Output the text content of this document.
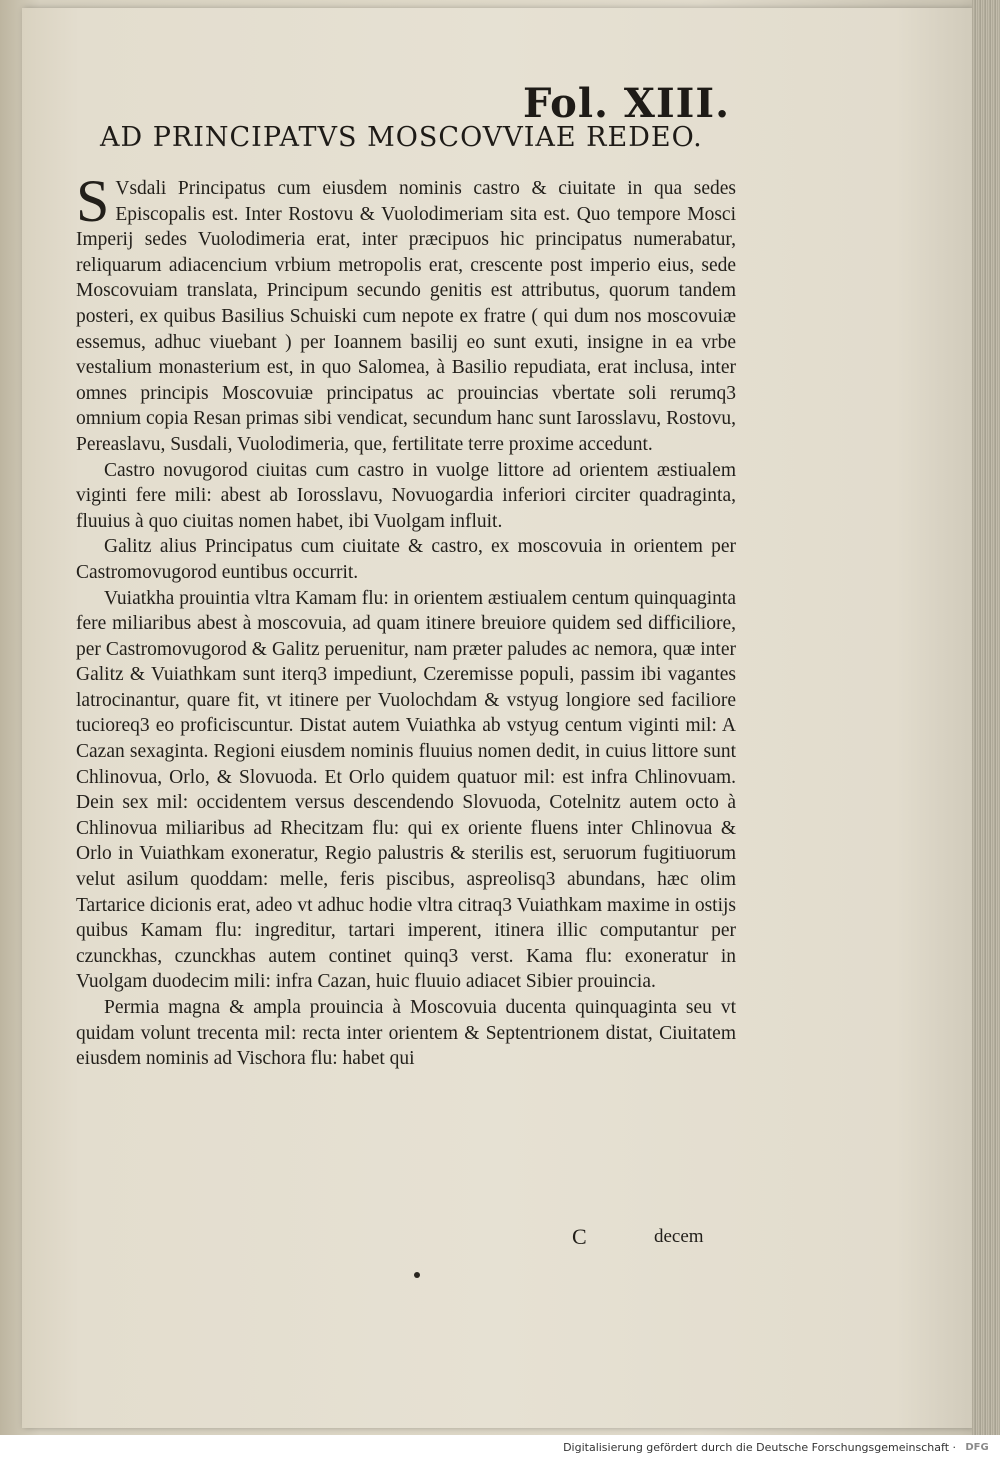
Fol. XIII.
AD PRINCIPATVS MOSCOVVIAE REDEO.

S Vsdali Principatus cum eiusdem nominis castro & ciuitate in qua sedes Episcopalis est. Inter Rostovu & Vuolodimeriam sita est. Quo tempore Mosci Imperij sedes Vuolodimeria erat, inter præcipuos hic principatus numerabatur, reliquarum adiacencium vrbium metropolis erat, crescente post imperio eius, sede Moscovuiam translata, Principum secundo genitis est attributus, quorum tandem posteri, ex quibus Basilius Schuiski cum nepote ex fratre ( qui dum nos moscovuiæ essemus, adhuc viuebant ) per Ioannem basilij eo sunt exuti, insigne in ea vrbe vestalium monasterium est, in quo Salomea, à Basilio repudiata, erat inclusa, inter omnes principis Moscovuiæ principatus ac prouincias vbertate soli rerumq3 omnium copia Resan primas sibi vendicat, secundum hanc sunt Iarosslavu, Rostovu, Pereaslavu, Susdali, Vuolodimeria, que, fertilitate terre proxime accedunt.

Castro novugorod ciuitas cum castro in vuolge littore ad orientem æstiualem viginti fere mili: abest ab Iorosslavu, Novuogardia inferiori circiter quadraginta, fluuius à quo ciuitas nomen habet, ibi Vuolgam influit.

Galitz alius Principatus cum ciuitate & castro, ex moscovuia in orientem per Castromovugorod euntibus occurrit.

Vuiatkha prouintia vltra Kamam flu: in orientem æstiualem centum quinquaginta fere miliaribus abest à moscovuia, ad quam itinere breuiore quidem sed difficiliore, per Castromovugorod & Galitz peruenitur, nam præter paludes ac nemora, quæ inter Galitz & Vuiathkam sunt iterq3 impediunt, Czeremisse populi, passim ibi vagantes latrocinantur, quare fit, vt itinere per Vuolochdam & vstyug longiore sed faciliore tucioreq3 eo proficiscuntur. Distat autem Vuiathka ab vstyug centum viginti mil: A Cazan sexaginta. Regioni eiusdem nominis fluuius nomen dedit, in cuius littore sunt Chlinovua, Orlo, & Slovuoda. Et Orlo quidem quatuor mil: est infra Chlinovuam. Dein sex mil: occidentem versus descendendo Slovuoda, Cotelnitz autem octo à Chlinovua miliaribus ad Rhecitzam flu: qui ex oriente fluens inter Chlinovua & Orlo in Vuiathkam exoneratur, Regio palustris & sterilis est, seruorum fugitiuorum velut asilum quoddam: melle, feris piscibus, aspreolisq3 abundans, hæc olim Tartarice dicionis erat, adeo vt adhuc hodie vltra citraq3 Vuiathkam maxime in ostijs quibus Kamam flu: ingreditur, tartari imperent, itinera illic computantur per czunckhas, czunckhas autem continet quinq3 verst. Kama flu: exoneratur in Vuolgam duodecim mili: infra Cazan, huic fluuio adiacet Sibier prouincia.

Permia magna & ampla prouincia à Moscovuia ducenta quinquaginta seu vt quidam volunt trecenta mil: recta inter orientem & Septentrionem distat, Ciuitatem eiusdem nominis ad Vischora flu: habet qui

C	decem
Digitalisierung gefördert durch die Deutsche Forschungsgemeinschaft · DFG
